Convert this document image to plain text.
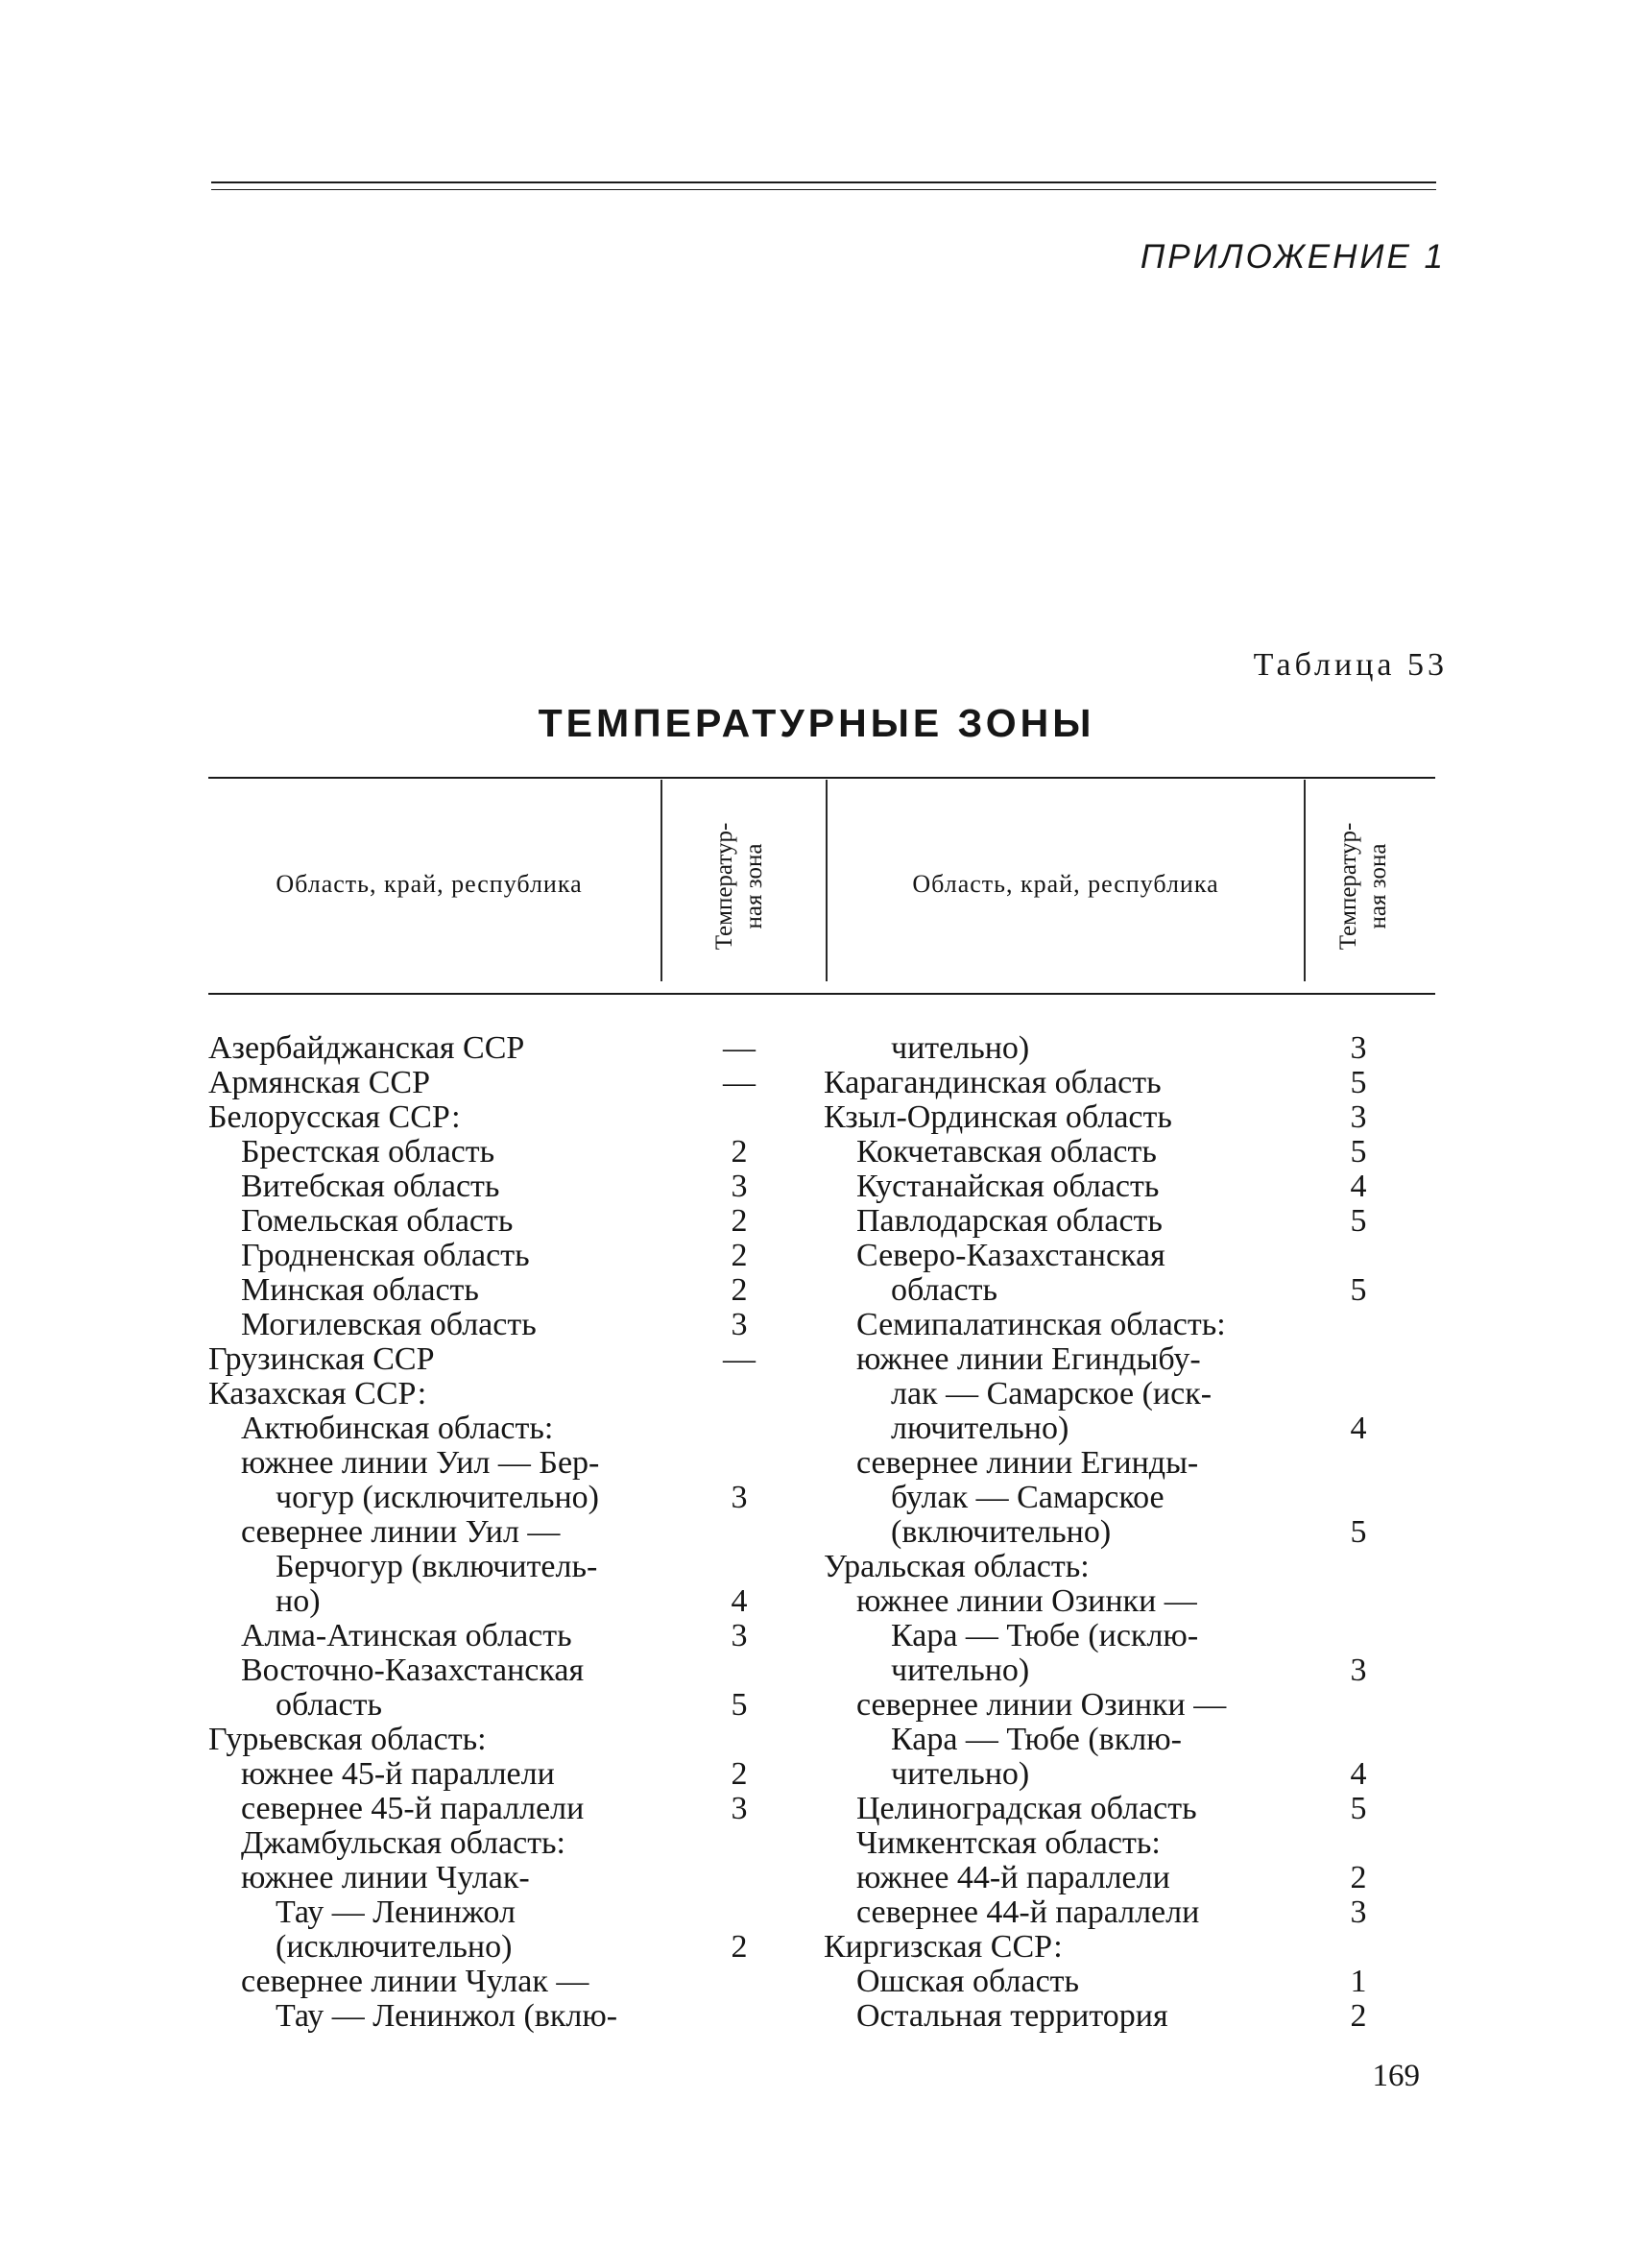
ПРИЛОЖЕНИЕ 1
Таблица 53
ТЕМПЕРАТУРНЫЕ ЗОНЫ
Область, край, республика	Температур- ная зона	Область, край, республика	Температур- ная зона
Азербайджанская ССР	—
Армянская ССР	—
Белорусская ССР:
Брестская область	2
Витебская область	3
Гомельская область	2
Гродненская область	2
Минская область	2
Могилевская область	3
Грузинская ССР	—
Казахская ССР:
Актюбинская область:
южнее линии Уил — Бер-
чогур (исключительно)	3
севернее линии Уил —
Берчогур (включитель-
но)	4
Алма-Атинская область	3
Восточно-Казахстанская
область	5
Гурьевская область:
южнее 45-й параллели	2
севернее 45-й параллели	3
Джамбульская область:
южнее линии Чулак-
Тау — Ленинжол
(исключительно)	2
севернее линии Чулак —
Тау — Ленинжол (вклю-
чительно)	3
Карагандинская область	5
Кзыл-Ординская область	3
Кокчетавская область	5
Кустанайская область	4
Павлодарская область	5
Северо-Казахстанская
область	5
Семипалатинская область:
южнее линии Егиндыбу-
лак — Самарское (иск-
лючительно)	4
севернее линии Егинды-
булак — Самарское
(включительно)	5
Уральская область:
южнее линии Озинки —
Кара — Тюбе (исклю-
чительно)	3
севернее линии Озинки —
Кара — Тюбе (вклю-
чительно)	4
Целиноградская область	5
Чимкентская область:
южнее 44-й параллели	2
севернее 44-й параллели	3
Киргизская ССР:
Ошская область	1
Остальная территория	2
169
